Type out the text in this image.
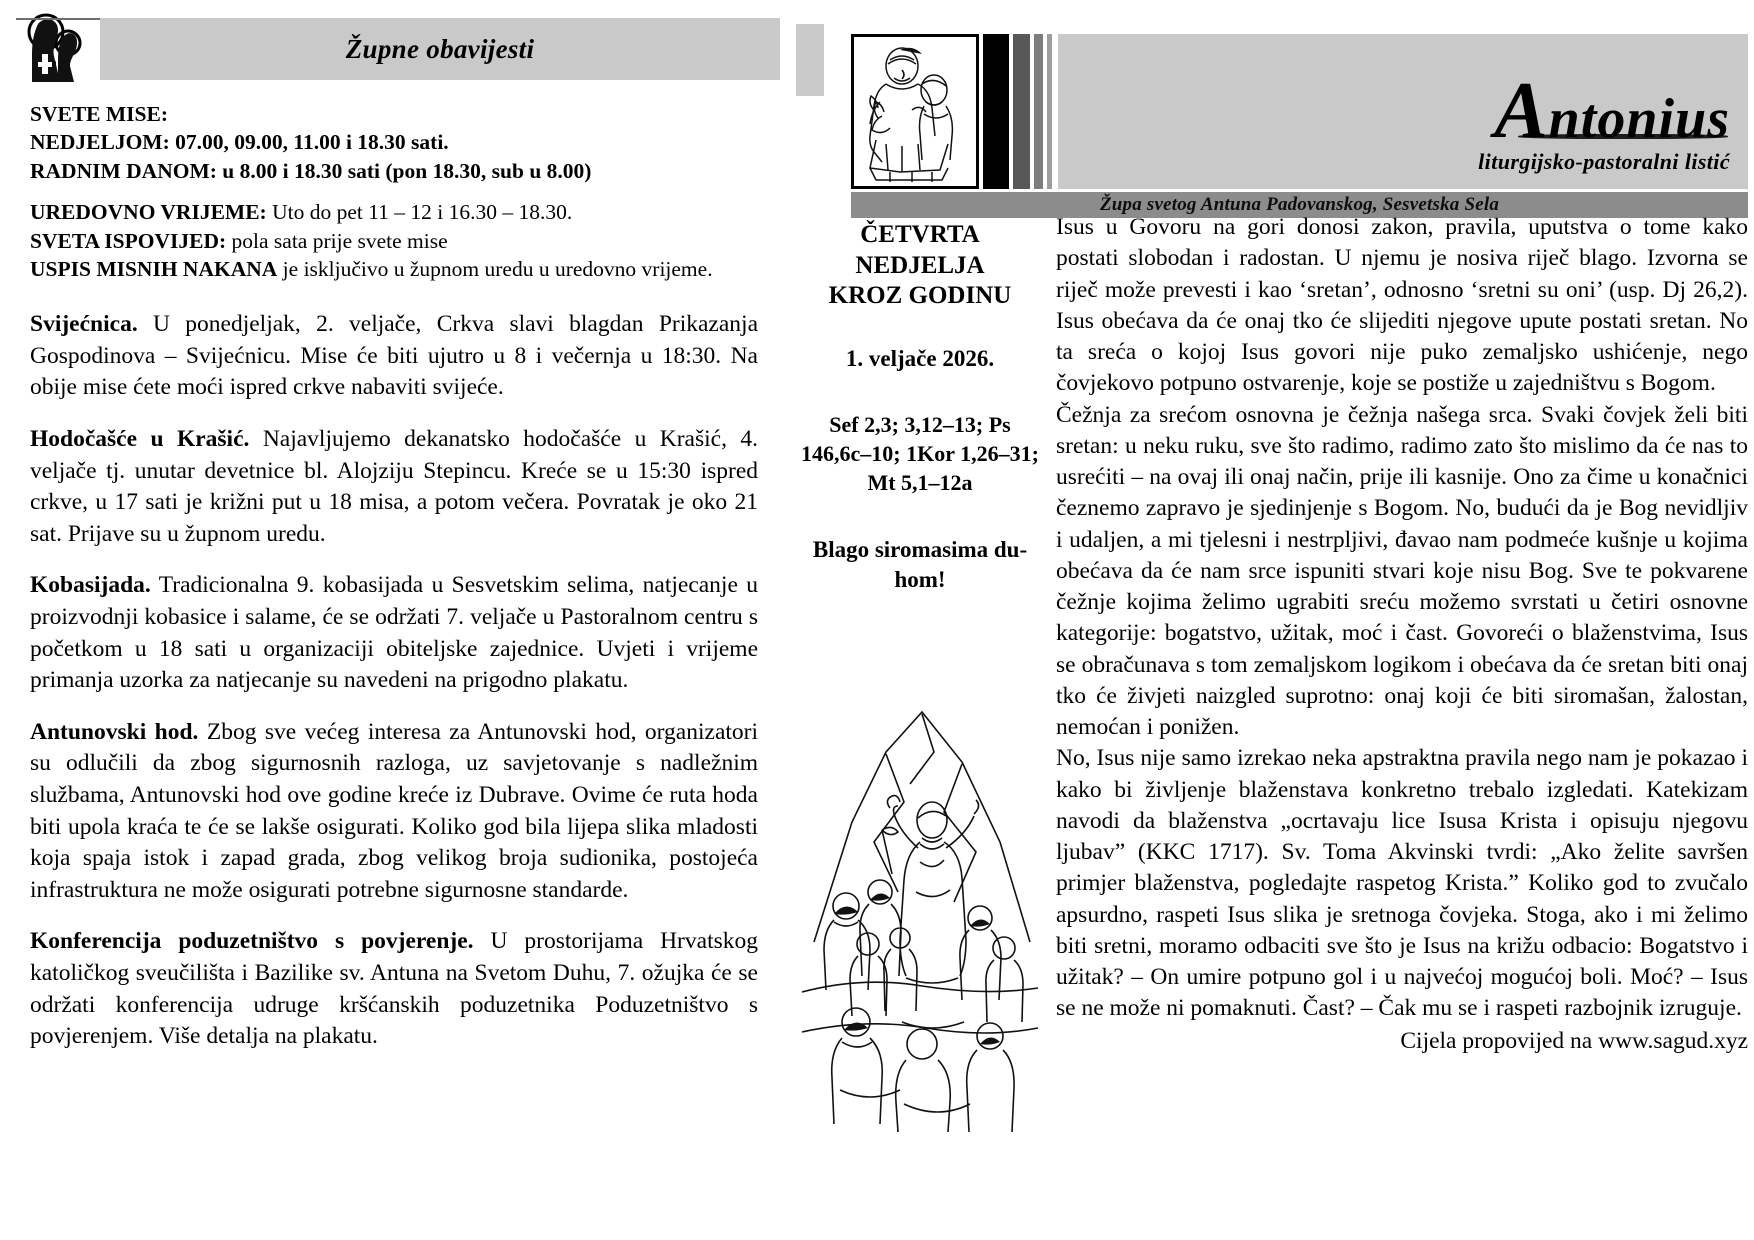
Župne obavijesti
SVETE MISE:
NEDJELJOM: 07.00, 09.00, 11.00 i 18.30 sati.
RADNIM DANOM: u 8.00 i 18.30 sati (pon 18.30, sub u 8.00)
UREDOVNO VRIJEME: Uto do pet 11 – 12 i 16.30 – 18.30.
SVETA ISPOVIJED: pola sata prije svete mise
USPIS MISNIH NAKANA je isključivo u župnom uredu u uredovno vrijeme.

Svijećnica. U ponedjeljak, 2. veljače, Crkva slavi blagdan Prikazanja Gospodinova – Svijećnicu. Mise će biti ujutro u 8 i večernja u 18:30. Na obije mise ćete moći ispred crkve nabaviti svijeće.

Hodočašće u Krašić. Najavljujemo dekanatsko hodočašće u Krašić, 4. veljače tj. unutar devetnice bl. Alojziju Stepincu. Kreće se u 15:30 ispred crkve, u 17 sati je križni put u 18 misa, a potom večera. Povratak je oko 21 sat. Prijave su u župnom uredu.

Kobasijada. Tradicionalna 9. kobasijada u Sesvetskim selima, natjecanje u proizvodnji kobasice i salame, će se održati 7. veljače u Pastoralnom centru s početkom u 18 sati u organizaciji obiteljske zajednice. Uvjeti i vrijeme primanja uzorka za natjecanje su navedeni na prigodno plakatu.

Antunovski hod. Zbog sve većeg interesa za Antunovski hod, organizatori su odlučili da zbog sigurnosnih razloga, uz savjetovanje s nadležnim službama, Antunovski hod ove godine kreće iz Dubrave. Ovime će ruta hoda biti upola kraća te će se lakše osigurati. Koliko god bila lijepa slika mladosti koja spaja istok i zapad grada, zbog velikog broja sudionika, postojeća infrastruktura ne može osigurati potrebne sigurnosne standarde.

Konferencija poduzetništvo s povjerenje. U prostorijama Hrvatskog katoličkog sveučilišta i Bazilike sv. Antuna na Svetom Duhu, 7. ožujka će se održati konferencija udruge kršćanskih poduzetnika Poduzetništvo s povjerenjem. Više detalja na plakatu.

Antonius
liturgijsko-pastoralni listić
Župa svetog Antuna Padovanskog, Sesvetska Sela
ČETVRTA NEDJELJA
KROZ GODINU
1. veljače 2026.
Sef 2,3; 3,12–13; Ps
146,6c–10; 1Kor 1,26–31;
Mt 5,1–12a
Blago siromasima du-
hom!

Isus u Govoru na gori donosi zakon, pravila, uputstva o tome kako postati slobodan i radostan. U njemu je nosiva riječ blago. Izvorna se riječ može prevesti i kao ‘sretan’, odnosno ‘sretni su oni’ (usp. Dj 26,2). Isus obećava da će onaj tko će slijediti njegove upute postati sretan. No ta sreća o kojoj Isus govori nije puko zemaljsko ushićenje, nego čovjekovo potpuno ostvarenje, koje se postiže u zajedništvu s Bogom.

Čežnja za srećom osnovna je čežnja našega srca. Svaki čovjek želi biti sretan: u neku ruku, sve što radimo, radimo zato što mislimo da će nas to usrećiti – na ovaj ili onaj način, prije ili kasnije. Ono za čime u konačnici čeznemo zapravo je sjedinjenje s Bogom. No, budući da je Bog nevidljiv i udaljen, a mi tjelesni i nestrpljivi, đavao nam podmeće kušnje u kojima obećava da će nam srce ispuniti stvari koje nisu Bog. Sve te pokvarene čežnje kojima želimo ugrabiti sreću možemo svrstati u četiri osnovne kategorije: bogatstvo, užitak, moć i čast. Govoreći o blaženstvima, Isus se obračunava s tom zemaljskom logikom i obećava da će sretan biti onaj tko će živjeti naizgled suprotno: onaj koji će biti siromašan, žalostan, nemoćan i ponižen.

No, Isus nije samo izrekao neka apstraktna pravila nego nam je pokazao i kako bi življenje blaženstava konkretno trebalo izgledati. Katekizam navodi da blaženstva „ocrtavaju lice Isusa Krista i opisuju njegovu ljubav” (KKC 1717). Sv. Toma Akvinski tvrdi: „Ako želite savršen primjer blaženstva, pogledajte raspetog Krista.” Koliko god to zvučalo apsurdno, raspeti Isus slika je sretnoga čovjeka. Stoga, ako i mi želimo biti sretni, moramo odbaciti sve što je Isus na križu odbacio: Bogatstvo i užitak? – On umire potpuno gol i u najvećoj mogućoj boli. Moć? – Isus se ne može ni pomaknuti. Čast? – Čak mu se i raspeti razbojnik izruguje.

Cijela propovijed na www.sagud.xyz
